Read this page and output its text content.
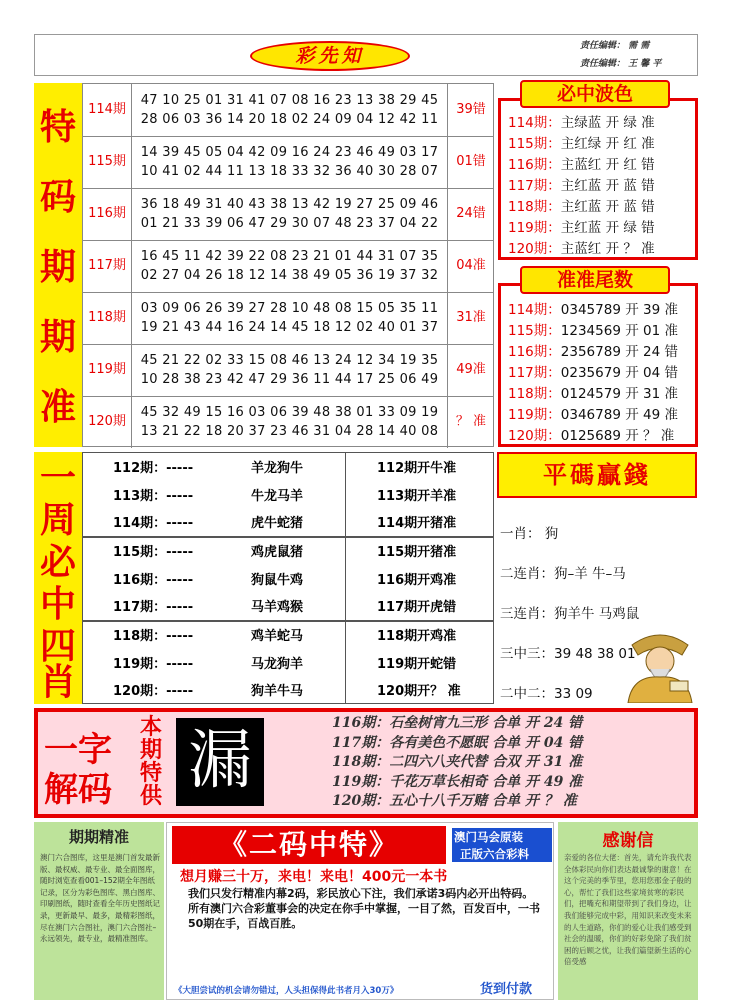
彩先知	责任编辑： 需 需
责任编辑： 王 馨 平
特
码
期
期
准
114期
47 10 25 01 31 41 07 08 16 23 13 38 29 45
28 06 03 36 14 20 18 02 24 09 04 12 42 11
39错
115期
14 39 45 05 04 42 09 16 24 23 46 49 03 17
10 41 02 44 11 13 18 33 32 36 40 30 28 07
01错
116期
36 18 49 31 40 43 38 13 42 19 27 25 09 46
01 21 33 39 06 47 29 30 07 48 23 37 04 22
24错
117期
16 45 11 42 39 22 08 23 21 01 44 31 07 35
02 27 04 26 18 12 14 38 49 05 36 19 37 32
04准
118期
03 09 06 26 39 27 28 10 48 08 15 05 35 11
19 21 43 44 16 24 14 45 18 12 02 40 01 37
31准
119期
45 21 22 02 33 15 08 46 13 24 12 34 19 35
10 28 38 23 42 47 29 36 11 44 17 25 06 49
49准
120期
45 32 49 15 16 03 06 39 48 38 01 33 09 19
13 21 22 18 20 37 23 46 31 04 28 14 40 08
？ 准
必中波色
114期：主绿蓝 开 绿 准
115期：主红绿 开 红 准
116期：主蓝红 开 红 错
117期：主红蓝 开 蓝 错
118期：主红蓝 开 蓝 错
119期：主红蓝 开 绿 错
120期：主蓝红 开 ？ 准
准准尾数
114期：0345789 开 39 准
115期：1234569 开 01 准
116期：2356789 开 24 错
117期：0235679 开 04 错
118期：0124579 开 31 准
119期：0346789 开 49 准
120期：0125689 开 ？ 准
一
周
必
中
四
肖
112期：-----	羊龙狗牛	112期开牛准
113期：-----	牛龙马羊	113期开羊准
114期：-----	虎牛蛇猪	114期开猪准
115期：-----	鸡虎鼠猪	115期开猪准
116期：-----	狗鼠牛鸡	116期开鸡准
117期：-----	马羊鸡猴	117期开虎错
118期：-----	鸡羊蛇马	118期开鸡准
119期：-----	马龙狗羊	119期开蛇错
120期：-----	狗羊牛马	120期开？ 准
平碼贏錢
一肖： 狗
二连肖：狗–羊 牛–马
三连肖：狗羊牛 马鸡鼠
三中三：39 48 38 01
二中二：33 09
一字
解码
本
期
特
供 漏
116期：石垒树宵九三形 合单 开 24 错
117期：各有美色不愿眠 合单 开 04 错
118期：二四六八夹代替 合双 开 31 准
119期：千花万草长相奇 合单 开 49 准
120期：五心十八千万赌 合单 开 ？ 准
期期精准
澳门六合图库，这里是澳门首发最新版、最权威、最专业、最全面图库，随时浏览查看001–152期全年图纸记录，区分为彩色图库、黑白图库、印刷图纸，随时查看全年历史图纸记录，更新最早、最多，最精彩图纸，尽在澳门六合图社，澳门六合图社–永远领先，最专业，最精准图库。
《二码中特》	澳门马会原装
正版六合彩料
想月赚三十万，来电！来电！400元一本书
我们只发行精准内幕2码，彩民放心下注，我们承诺3码内必开出特码。所有澳门六合彩董事会的决定在你手中掌握，一目了然，百发百中，一书50期在手，百战百胜。
《大胆尝试的机会请勿错过，人头担保得此书者月入30万》	货到付款
感谢信
亲爱的各位大佬：首先，请允许我代表全体彩民向你们表达最诚挚的谢意！在这个完美的季节里，您用您那金子般的心，帮忙了我们这些家境贫寒的彩民们，把嘴充和期望带到了我们身边，让我们能够完成中彩，用知识来改变未来的人生道路，你们的爱心让我们感受到社会的温暖，你们的好彩免除了我们贫困的后顾之忧，让我们篇望新生活的心倍受感
